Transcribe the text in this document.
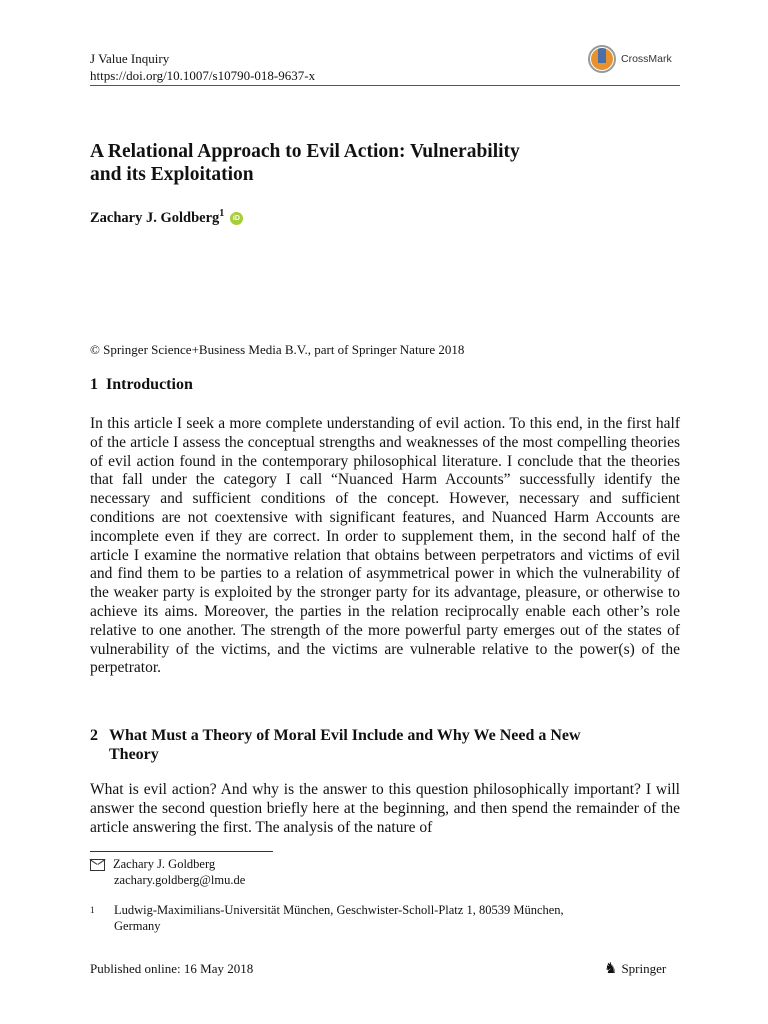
J Value Inquiry
https://doi.org/10.1007/s10790-018-9637-x
CrossMark
A Relational Approach to Evil Action: Vulnerability
and its Exploitation
Zachary J. Goldberg$^1$ iD
© Springer Science+Business Media B.V., part of Springer Nature 2018
1 Introduction
In this article I seek a more complete understanding of evil action. To this end, in the first half of the article I assess the conceptual strengths and weaknesses of the most compelling theories of evil action found in the contemporary philosophical literature. I conclude that the theories that fall under the category I call “Nuanced Harm Accounts” successfully identify the necessary and sufficient conditions of the concept. However, necessary and sufficient conditions are not coextensive with significant features, and Nuanced Harm Accounts are incomplete even if they are correct. In order to supplement them, in the second half of the article I examine the normative relation that obtains between perpetrators and victims of evil and find them to be parties to a relation of asymmetrical power in which the vulnerability of the weaker party is exploited by the stronger party for its advantage, pleasure, or otherwise to achieve its aims. Moreover, the parties in the relation reciprocally enable each other’s role relative to one another. The strength of the more powerful party emerges out of the states of vulnerability of the victims, and the victims are vulnerable relative to the power(s) of the perpetrator.
2 What Must a Theory of Moral Evil Include and Why We Need a New
Theory
What is evil action? And why is the answer to this question philosophically important? I will answer the second question briefly here at the beginning, and then spend the remainder of the article answering the first. The analysis of the nature of
Zachary J. Goldberg
zachary.goldberg@lmu.de
1 Ludwig-Maximilians-Universität München, Geschwister-Scholl-Platz 1, 80539 München,
Germany
Published online: 16 May 2018	♞ Springer
